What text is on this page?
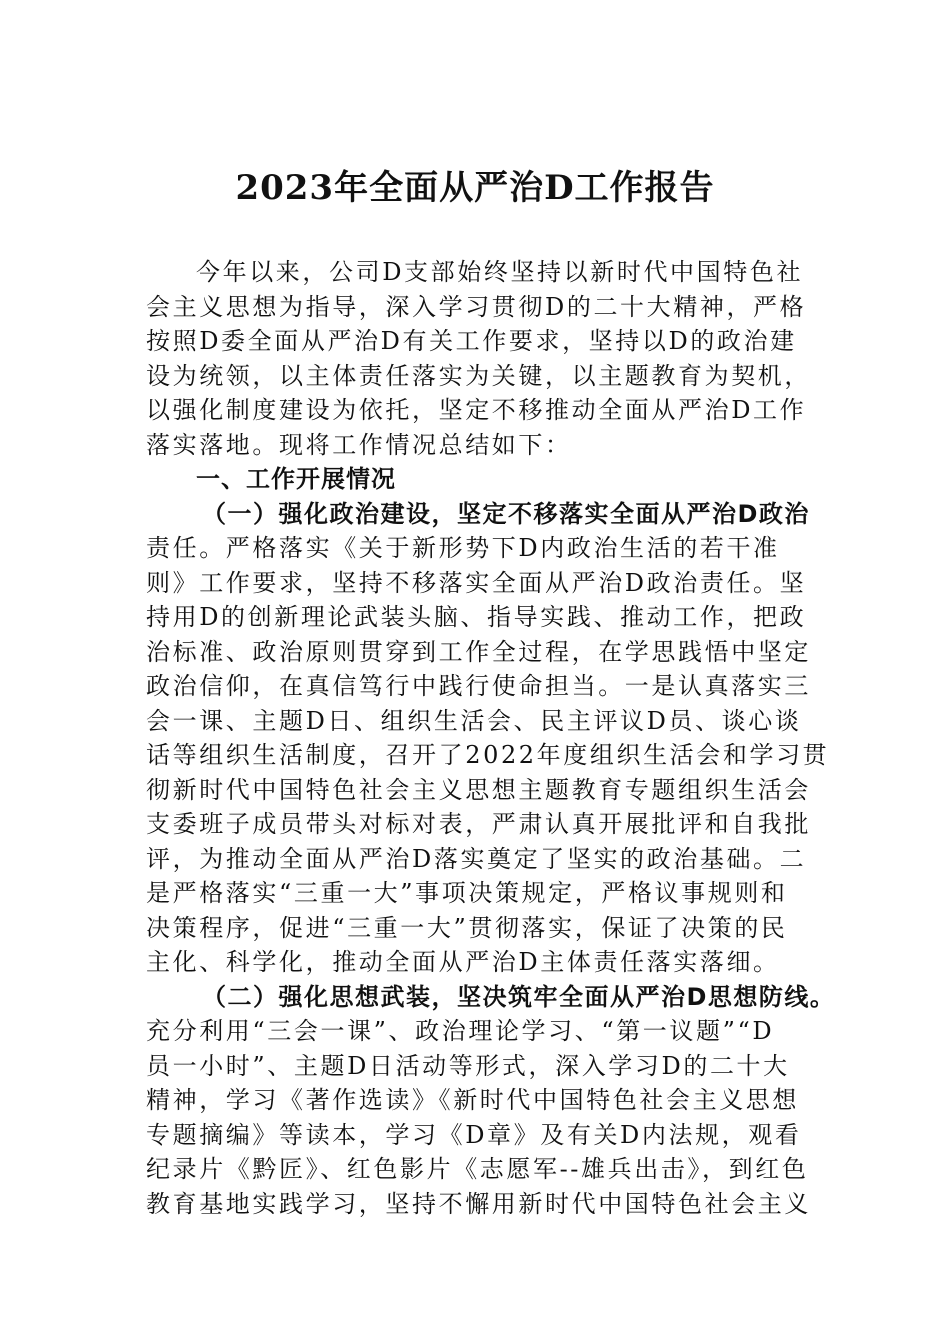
2023年全面从严治D工作报告
今年以来，公司D支部始终坚持以新时代中国特色社
会主义思想为指导，深入学习贯彻D的二十大精神，严格
按照D委全面从严治D有关工作要求，坚持以D的政治建
设为统领，以主体责任落实为关键，以主题教育为契机，
以强化制度建设为依托，坚定不移推动全面从严治D工作
落实落地。现将工作情况总结如下：
一、工作开展情况
（一）强化政治建设，坚定不移落实全面从严治D政治
责任。严格落实《关于新形势下D内政治生活的若干准
则》工作要求，坚持不移落实全面从严治D政治责任。坚
持用D的创新理论武装头脑、指导实践、推动工作，把政
治标准、政治原则贯穿到工作全过程，在学思践悟中坚定
政治信仰，在真信笃行中践行使命担当。一是认真落实三
会一课、主题D日、组织生活会、民主评议D员、谈心谈
话等组织生活制度，召开了2022年度组织生活会和学习贯
彻新时代中国特色社会主义思想主题教育专题组织生活会
支委班子成员带头对标对表，严肃认真开展批评和自我批
评，为推动全面从严治D落实奠定了坚实的政治基础。二
是严格落实“三重一大”事项决策规定，严格议事规则和
决策程序，促进“三重一大”贯彻落实，保证了决策的民
主化、科学化，推动全面从严治D主体责任落实落细。
（二）强化思想武装，坚决筑牢全面从严治D思想防线。
充分利用“三会一课”、政治理论学习、“第一议题”“D
员一小时”、主题D日活动等形式，深入学习D的二十大
精神，学习《著作选读》《新时代中国特色社会主义思想
专题摘编》等读本，学习《D章》及有关D内法规，观看
纪录片《黔匠》、红色影片《志愿军--雄兵出击》，到红色
教育基地实践学习，坚持不懈用新时代中国特色社会主义
